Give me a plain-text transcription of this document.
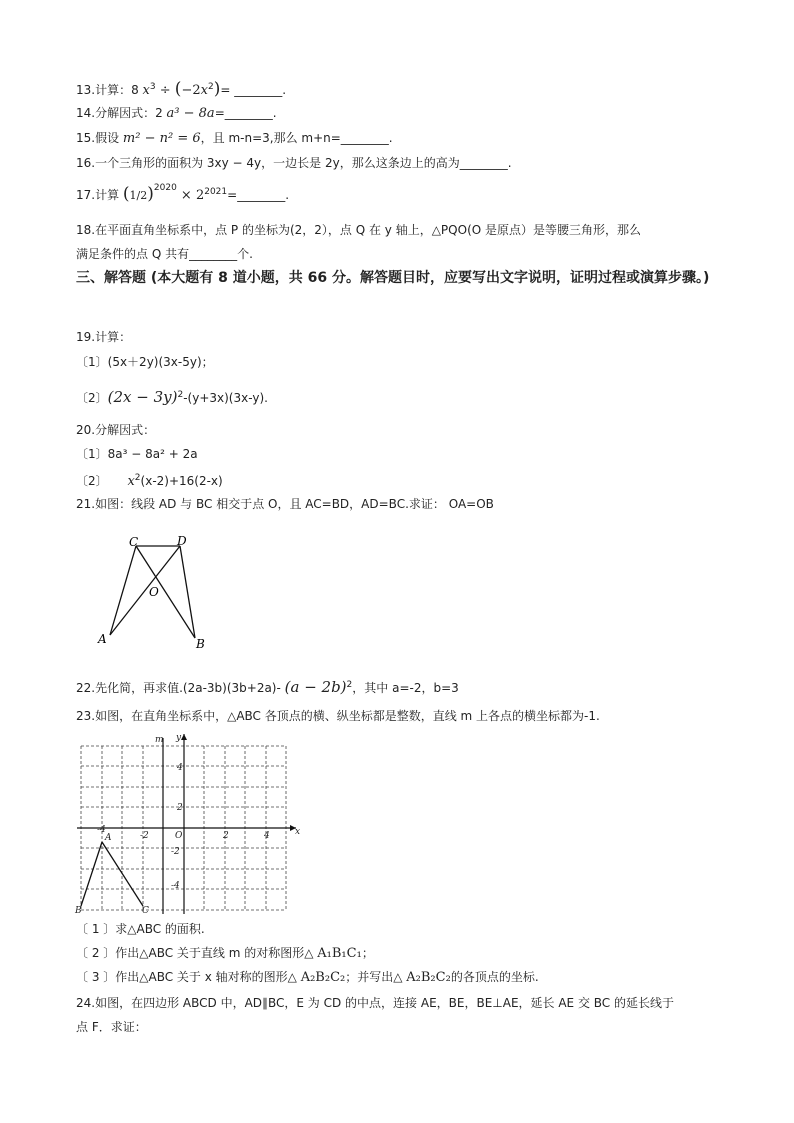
13.计算：8 $x^3 \div (-2x^2)=$ ________.
14.分解因式：2 a³ − 8a=________.
15.假设 m² − n² = 6，且 m-n=3,那么 m+n=________.
16.一个三角形的面积为 3xy − 4y，一边长是 2y，那么这条边上的高为________.
17.计算 $(1/2)^{2020}$ × $2^{2021}=\_\_\_\_\_\_\_\_$.
18.在平面直角坐标系中，点 P 的坐标为(2，2），点 Q 在 y 轴上，△PQO(O 是原点）是等腰三角形，那么
满足条件的点 Q 共有________个.
三、解答题 (本大题有 8 道小题，共 66 分。解答题目时，应要写出文字说明，证明过程或演算步骤。)
19.计算：
〔1〕(5x＋2y)(3x-5y)；
〔2〕$(2x - 3y)^2-(y+3x)(3x-y)$.
20.分解因式：
〔1〕8a³ − 8a² + 2a
〔2〕 $x^2(x-2)+16(2-x)$
21.如图：线段 AD 与 BC 相交于点 O，且 AC=BD，AD=BC.求证： OA=OB
C	D
O
A	B
22.先化简，再求值.(2a-3b)(3b+2a)- $(a - 2b)^2$，其中 a=-2，b=3
23.如图，在直角坐标系中，△ABC 各顶点的横、纵坐标都是整数，直线 m 上各点的横坐标都为-1.
m y
x
O
A
B	C
4
2
-2
-4
2	4
-2
-4
〔 1 〕求△ABC 的面积.
〔 2 〕作出△ABC 关于直线 m 的对称图形△ A₁B₁C₁；
〔 3 〕作出△ABC 关于 x 轴对称的图形△ A₂B₂C₂；并写出△ A₂B₂C₂的各顶点的坐标.
24.如图，在四边形 ABCD 中，AD∥BC，E 为 CD 的中点，连接 AE，BE，BE⊥AE，延长 AE 交 BC 的延长线于
点 F．求证：
